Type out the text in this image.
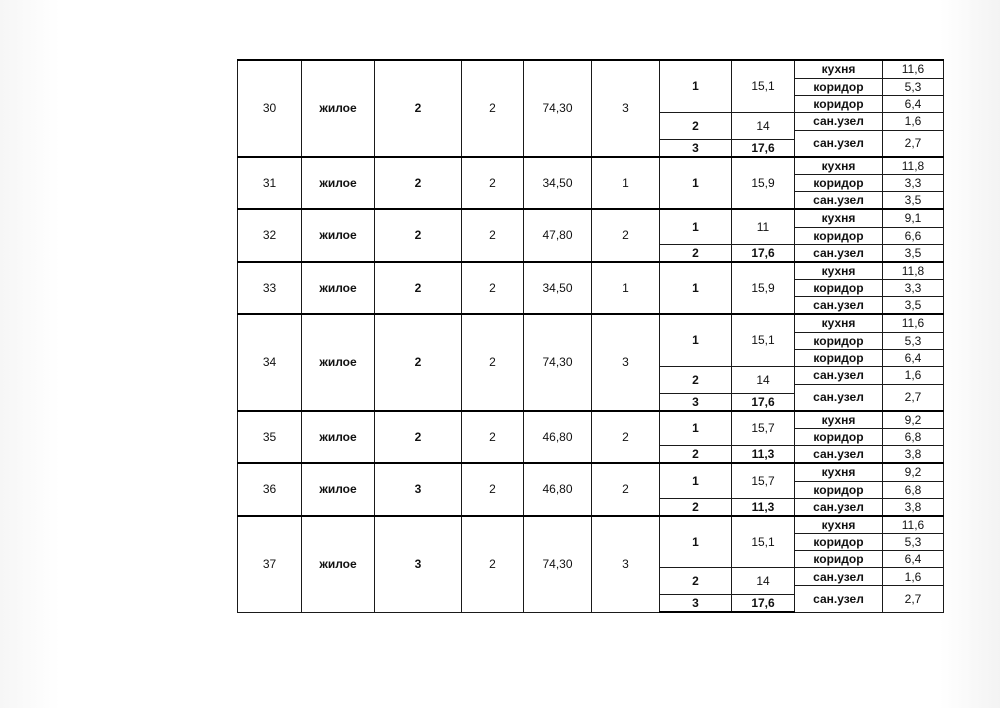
30	жилое	2	2	74,30	3	1	15,1	кухня	11,6
								коридор	5,3
								коридор	6,4
						2	14	сан.узел	1,6
								сан.узел	2,7
						3	17,6		
31	жилое	2	2	34,50	1	1	15,9	кухня	11,8
								коридор	3,3
								сан.узел	3,5
32	жилое	2	2	47,80	2	1	11	кухня	9,1
								коридор	6,6
						2	17,6	сан.узел	3,5
33	жилое	2	2	34,50	1	1	15,9	кухня	11,8
								коридор	3,3
								сан.узел	3,5
34	жилое	2	2	74,30	3	1	15,1	кухня	11,6
								коридор	5,3
								коридор	6,4
						2	14	сан.узел	1,6
								сан.узел	2,7
						3	17,6		
35	жилое	2	2	46,80	2	1	15,7	кухня	9,2
								коридор	6,8
						2	11,3	сан.узел	3,8
36	жилое	3	2	46,80	2	1	15,7	кухня	9,2
								коридор	6,8
						2	11,3	сан.узел	3,8
37	жилое	3	2	74,30	3	1	15,1	кухня	11,6
								коридор	5,3
								коридор	6,4
						2	14	сан.узел	1,6
								сан.узел	2,7
						3	17,6		
